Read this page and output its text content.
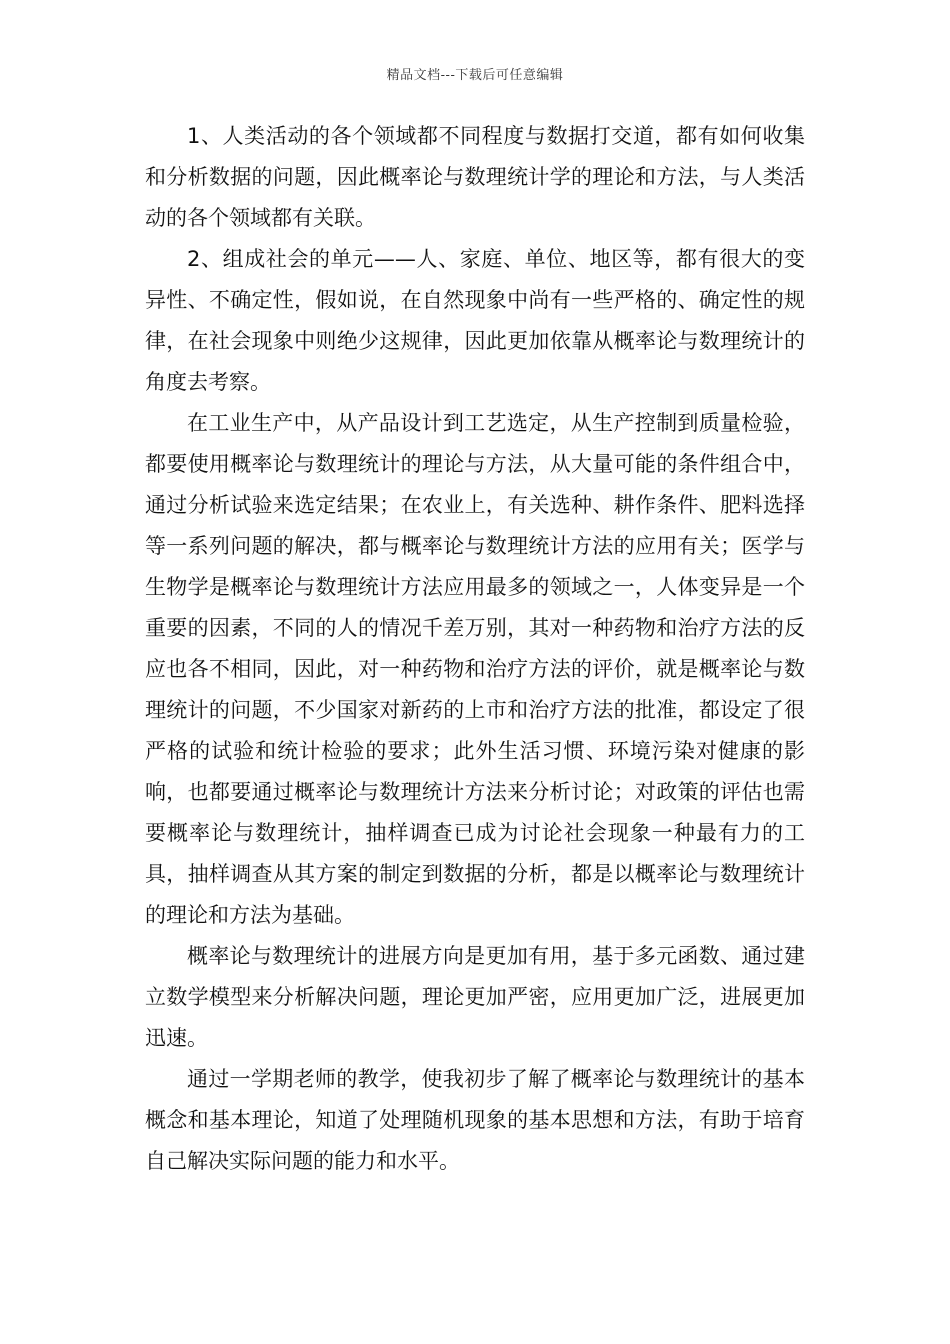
精品文档---下载后可任意编辑

1、人类活动的各个领域都不同程度与数据打交道，都有如何收集和分析数据的问题，因此概率论与数理统计学的理论和方法，与人类活动的各个领域都有关联。

2、组成社会的单元——人、家庭、单位、地区等，都有很大的变异性、不确定性，假如说，在自然现象中尚有一些严格的、确定性的规律，在社会现象中则绝少这规律，因此更加依靠从概率论与数理统计的角度去考察。

在工业生产中，从产品设计到工艺选定，从生产控制到质量检验，都要使用概率论与数理统计的理论与方法，从大量可能的条件组合中，通过分析试验来选定结果；在农业上，有关选种、耕作条件、肥料选择等一系列问题的解决，都与概率论与数理统计方法的应用有关；医学与生物学是概率论与数理统计方法应用最多的领域之一，人体变异是一个重要的因素，不同的人的情况千差万别，其对一种药物和治疗方法的反应也各不相同，因此，对一种药物和治疗方法的评价，就是概率论与数理统计的问题，不少国家对新药的上市和治疗方法的批准，都设定了很严格的试验和统计检验的要求；此外生活习惯、环境污染对健康的影响，也都要通过概率论与数理统计方法来分析讨论；对政策的评估也需要概率论与数理统计，抽样调查已成为讨论社会现象一种最有力的工具，抽样调查从其方案的制定到数据的分析，都是以概率论与数理统计的理论和方法为基础。

概率论与数理统计的进展方向是更加有用，基于多元函数、通过建立数学模型来分析解决问题，理论更加严密，应用更加广泛，进展更加迅速。

通过一学期老师的教学，使我初步了解了概率论与数理统计的基本概念和基本理论，知道了处理随机现象的基本思想和方法，有助于培育自己解决实际问题的能力和水平。
